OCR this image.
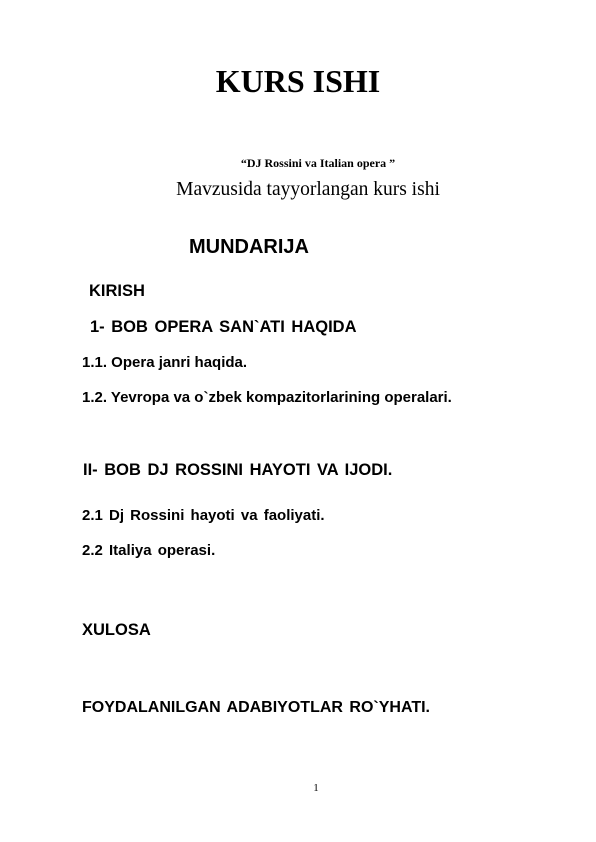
KURS ISHI
“DJ Rossini va Italian opera ”
Mavzusida tayyorlangan kurs ishi
MUNDARIJA
KIRISH
1- BOB OPERA SAN`ATI HAQIDA
1.1. Opera janri haqida.
1.2. Yevropa va o`zbek kompazitorlarining operalari.
II- BOB DJ ROSSINI HAYOTI VA IJODI.
2.1 Dj Rossini hayoti va faoliyati.
2.2 Italiya operasi.
XULOSA
FOYDALANILGAN ADABIYOTLAR RO`YHATI.
1
